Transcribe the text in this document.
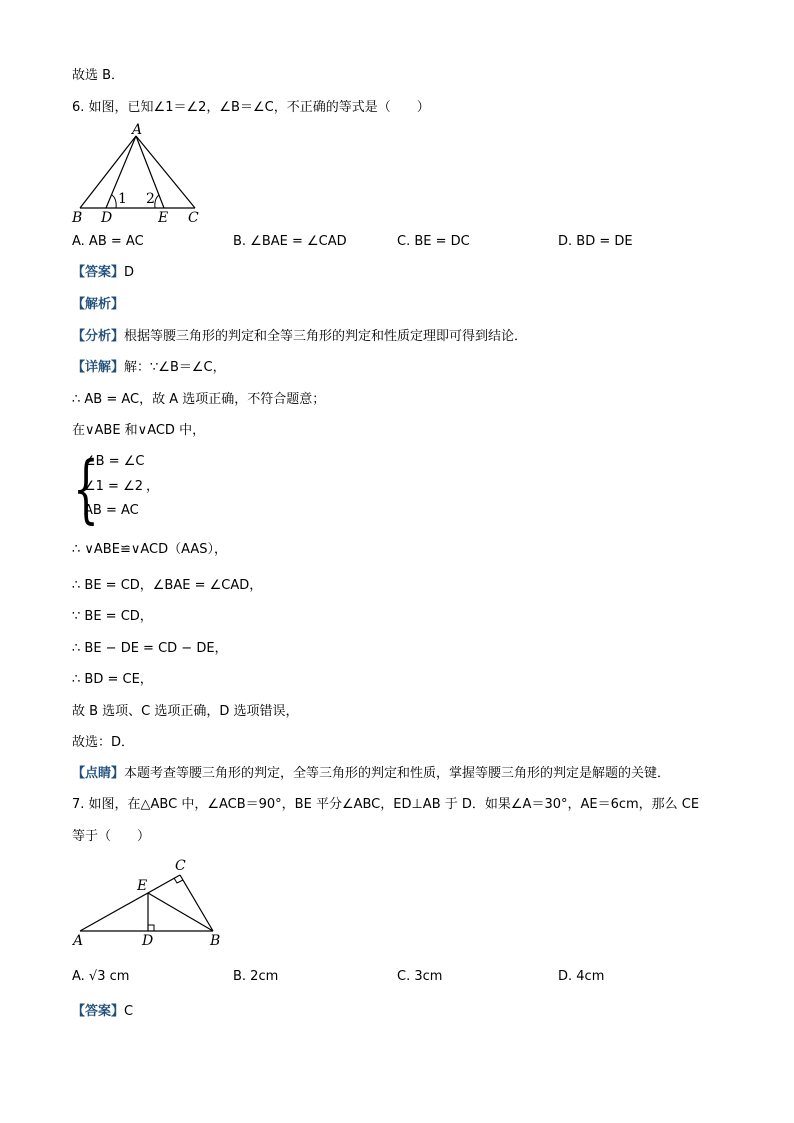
故选 B．
6. 如图，已知∠1＝∠2，∠B＝∠C，不正确的等式是（　　）
A
B	C
D	E
1 2
A. AB = AC	B. ∠BAE = ∠CAD	C. BE = DC	D. BD = DE
【答案】D
【解析】
【分析】根据等腰三角形的判定和全等三角形的判定和性质定理即可得到结论．
【详解】解：∵∠B＝∠C，
∴ AB = AC，故 A 选项正确，不符合题意；
在∨ABE 和∨ACD 中，
{
∠B = ∠C
∠1 = ∠2 ，
AB = AC
∴ ∨ABE≌∨ACD（AAS），
∴ BE = CD，∠BAE = ∠CAD，
∵ BE = CD，
∴ BE − DE = CD − DE，
∴ BD = CE，
故 B 选项、C 选项正确，D 选项错误，
故选：D．
【点睛】本题考查等腰三角形的判定，全等三角形的判定和性质，掌握等腰三角形的判定是解题的关键．
7. 如图，在△ABC 中，∠ACB＝90°，BE 平分∠ABC，ED⊥AB 于 D．如果∠A＝30°，AE＝6cm，那么 CE
等于（　　）
C
E
A	D	B
A. √3 cm	B. 2cm	C. 3cm	D. 4cm
【答案】C
